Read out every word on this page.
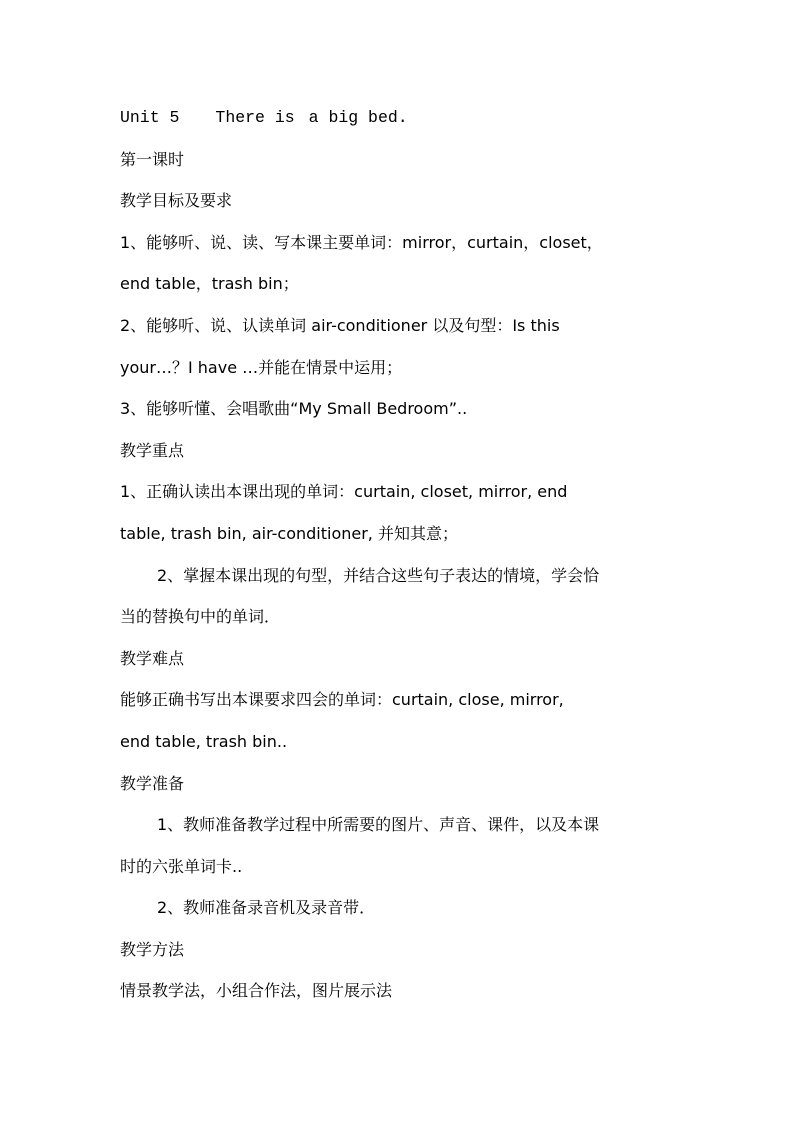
Unit 5 There is a big bed.
第一课时
教学目标及要求
1、能够听、说、读、写本课主要单词：mirror，curtain，closet，
end table，trash bin；
2、能够听、说、认读单词 air-conditioner 以及句型：Is this
your…？I have …并能在情景中运用；
3、能够听懂、会唱歌曲“My Small Bedroom”..
教学重点
1、正确认读出本课出现的单词：curtain, closet, mirror, end
table, trash bin, air-conditioner, 并知其意；
2、掌握本课出现的句型，并结合这些句子表达的情境，学会恰
当的替换句中的单词．
教学难点
能够正确书写出本课要求四会的单词：curtain, close, mirror,
end table, trash bin..
教学准备
1、教师准备教学过程中所需要的图片、声音、课件，以及本课
时的六张单词卡..
2、教师准备录音机及录音带．
教学方法
情景教学法，小组合作法，图片展示法
